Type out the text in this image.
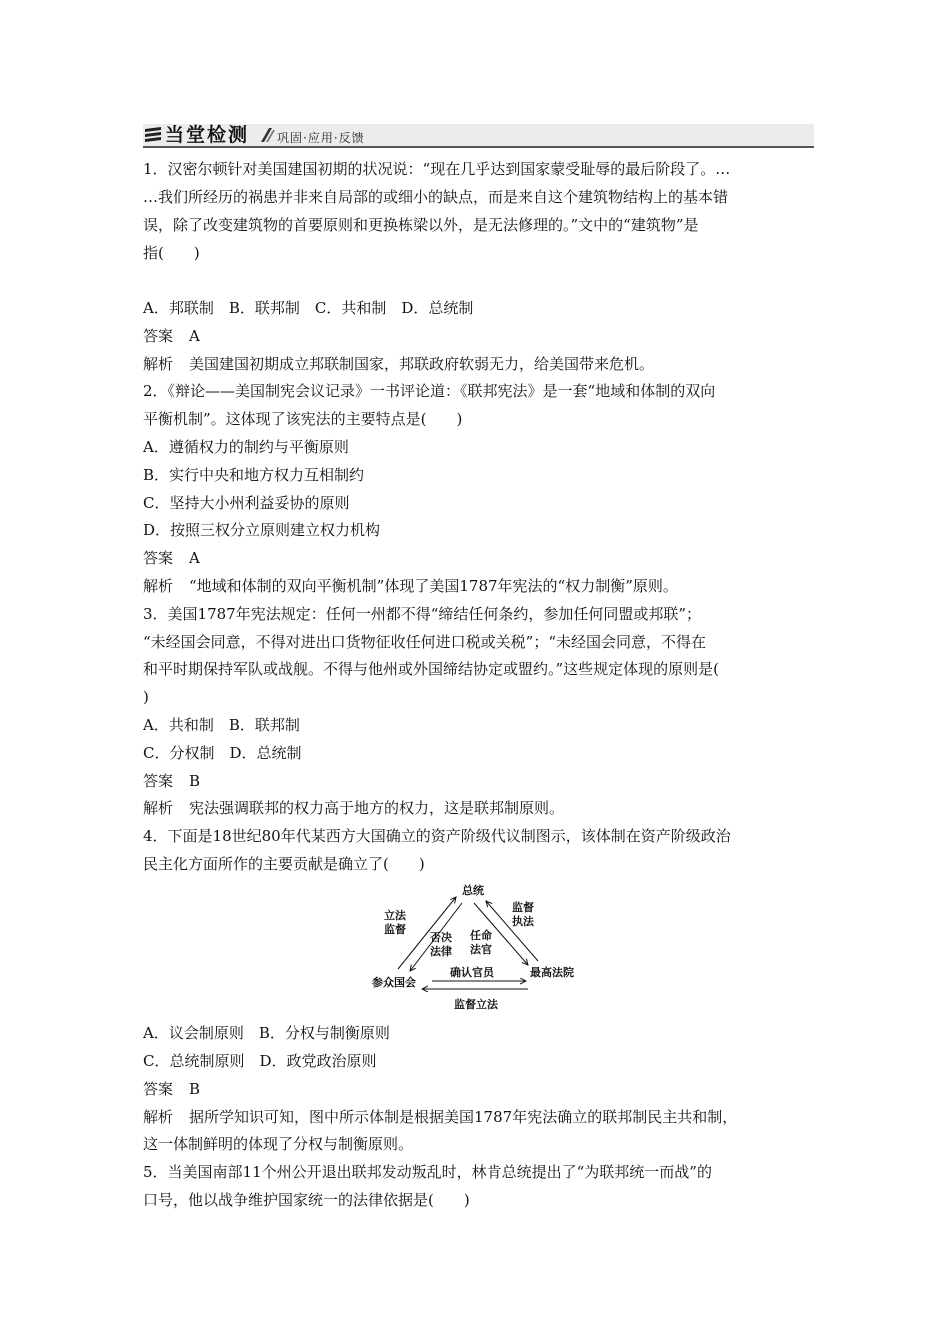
当堂检测 巩固·应用·反馈
1．汉密尔顿针对美国建国初期的状况说：“现在几乎达到国家蒙受耻辱的最后阶段了。…
…我们所经历的祸患并非来自局部的或细小的缺点，而是来自这个建筑物结构上的基本错
误，除了改变建筑物的首要原则和更换栋梁以外，是无法修理的。”文中的“建筑物”是
指(　　)
A．邦联制　B．联邦制　C．共和制　D．总统制
答案 A
解析 美国建国初期成立邦联制国家，邦联政府软弱无力，给美国带来危机。
2．《辩论——美国制宪会议记录》一书评论道：《联邦宪法》是一套“地域和体制的双向
平衡机制”。这体现了该宪法的主要特点是(　　)
A．遵循权力的制约与平衡原则
B．实行中央和地方权力互相制约
C．坚持大小州利益妥协的原则
D．按照三权分立原则建立权力机构
答案 A
解析 “地域和体制的双向平衡机制”体现了美国1787年宪法的“权力制衡”原则。
3．美国1787年宪法规定：任何一州都不得“缔结任何条约，参加任何同盟或邦联”；
“未经国会同意，不得对进出口货物征收任何进口税或关税”；“未经国会同意，不得在
和平时期保持军队或战舰。不得与他州或外国缔结协定或盟约。”这些规定体现的原则是(
)
A．共和制　B．联邦制
C．分权制　D．总统制
答案 B
解析 宪法强调联邦的权力高于地方的权力，这是联邦制原则。
4．下面是18世纪80年代某西方大国确立的资产阶级代议制图示，该体制在资产阶级政治
民主化方面所作的主要贡献是确立了(　　)
总统
参众国会
最高法院
立法
监督
否决
法律
任命
法官
监督
执法
确认官员
监督立法
A．议会制原则　B．分权与制衡原则
C．总统制原则　D．政党政治原则
答案 B
解析 据所学知识可知，图中所示体制是根据美国1787年宪法确立的联邦制民主共和制，
这一体制鲜明的体现了分权与制衡原则。
5．当美国南部11个州公开退出联邦发动叛乱时，林肯总统提出了“为联邦统一而战”的
口号，他以战争维护国家统一的法律依据是(　　)
